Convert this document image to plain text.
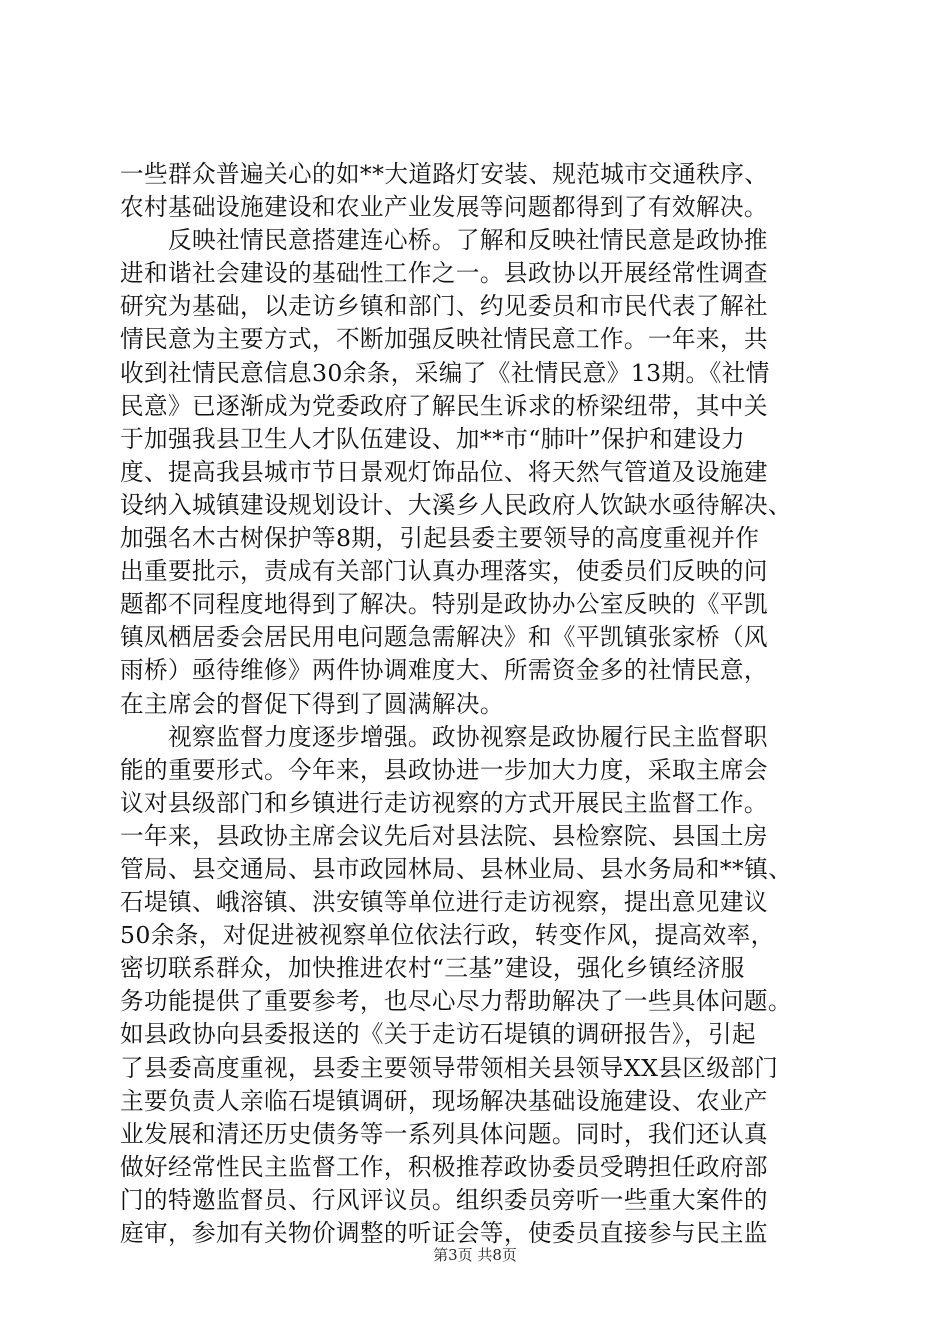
一些群众普遍关心的如**大道路灯安装、规范城市交通秩序、
农村基础设施建设和农业产业发展等问题都得到了有效解决。

反映社情民意搭建连心桥。了解和反映社情民意是政协推
进和谐社会建设的基础性工作之一。县政协以开展经常性调查
研究为基础，以走访乡镇和部门、约见委员和市民代表了解社
情民意为主要方式，不断加强反映社情民意工作。一年来，共
收到社情民意信息30余条，采编了《社情民意》13期。《社情
民意》已逐渐成为党委政府了解民生诉求的桥梁纽带，其中关
于加强我县卫生人才队伍建设、加**市“肺叶”保护和建设力
度、提高我县城市节日景观灯饰品位、将天然气管道及设施建
设纳入城镇建设规划设计、大溪乡人民政府人饮缺水亟待解决、
加强名木古树保护等8期，引起县委主要领导的高度重视并作
出重要批示，责成有关部门认真办理落实，使委员们反映的问
题都不同程度地得到了解决。特别是政协办公室反映的《平凯
镇凤栖居委会居民用电问题急需解决》和《平凯镇张家桥（风
雨桥）亟待维修》两件协调难度大、所需资金多的社情民意，
在主席会的督促下得到了圆满解决。

视察监督力度逐步增强。政协视察是政协履行民主监督职
能的重要形式。今年来，县政协进一步加大力度，采取主席会
议对县级部门和乡镇进行走访视察的方式开展民主监督工作。
一年来，县政协主席会议先后对县法院、县检察院、县国土房
管局、县交通局、县市政园林局、县林业局、县水务局和**镇、
石堤镇、峨溶镇、洪安镇等单位进行走访视察，提出意见建议
50余条，对促进被视察单位依法行政，转变作风，提高效率，
密切联系群众，加快推进农村“三基”建设，强化乡镇经济服
务功能提供了重要参考，也尽心尽力帮助解决了一些具体问题。
如县政协向县委报送的《关于走访石堤镇的调研报告》，引起
了县委高度重视，县委主要领导带领相关县领导XX县区级部门
主要负责人亲临石堤镇调研，现场解决基础设施建设、农业产
业发展和清还历史债务等一系列具体问题。同时，我们还认真
做好经常性民主监督工作，积极推荐政协委员受聘担任政府部
门的特邀监督员、行风评议员。组织委员旁听一些重大案件的
庭审，参加有关物价调整的听证会等，使委员直接参与民主监

第3页 共8页
